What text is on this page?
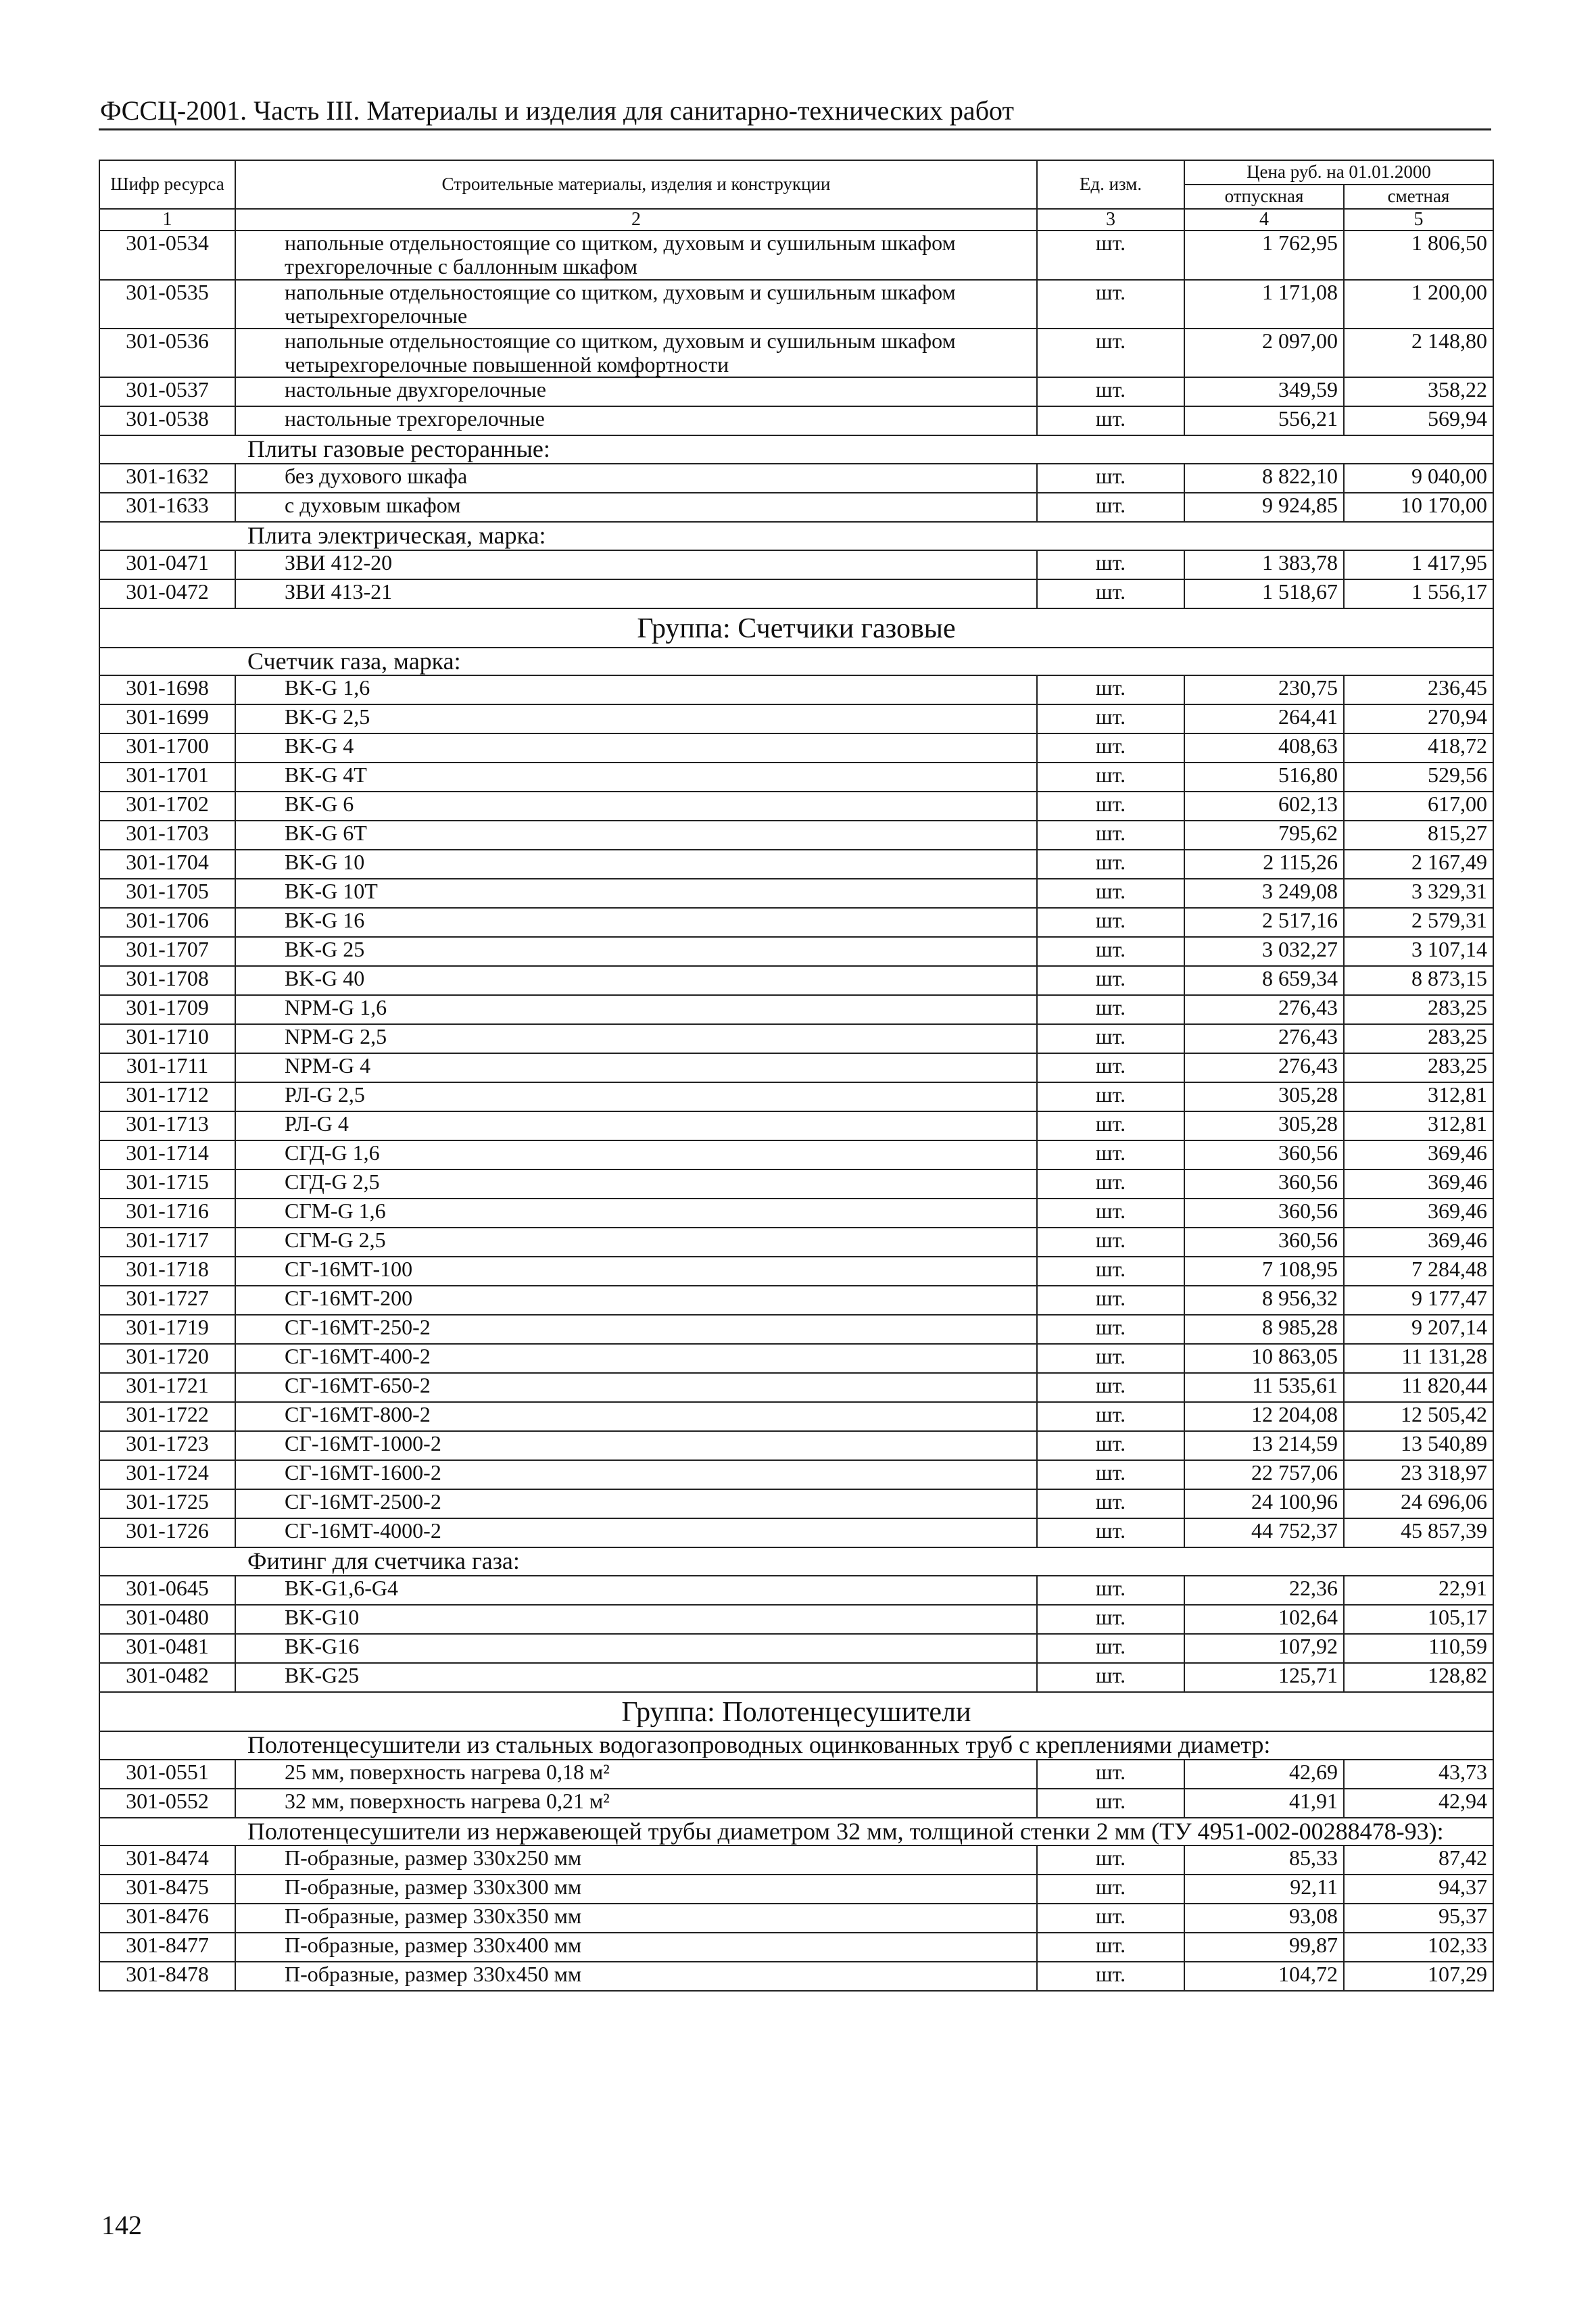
ФССЦ-2001. Часть III. Материалы и изделия для санитарно-технических работ
Шифр ресурса	Строительные материалы, изделия и конструкции	Ед. изм.	Цена руб. на 01.01.2000	
			отпускная	сметная
1	2	3	4	5
301-0534	напольные отдельностоящие со щитком, духовым и сушильным шкафом трехгорелочные с баллонным шкафом	шт.	1 762,95	1 806,50
301-0535	напольные отдельностоящие со щитком, духовым и сушильным шкафом четырехгорелочные	шт.	1 171,08	1 200,00
301-0536	напольные отдельностоящие со щитком, духовым и сушильным шкафом четырехгорелочные повышенной комфортности	шт.	2 097,00	2 148,80
301-0537	настольные двухгорелочные	шт.	349,59	358,22
301-0538	настольные трехгорелочные	шт.	556,21	569,94
Плиты газовые ресторанные:				
301-1632	без духового шкафа	шт.	8 822,10	9 040,00
301-1633	с духовым шкафом	шт.	9 924,85	10 170,00
Плита электрическая, марка:				
301-0471	ЗВИ 412-20	шт.	1 383,78	1 417,95
301-0472	ЗВИ 413-21	шт.	1 518,67	1 556,17
Группа: Счетчики газовые				
Счетчик газа, марка:				
301-1698	BK-G 1,6	шт.	230,75	236,45
301-1699	BK-G 2,5	шт.	264,41	270,94
301-1700	BK-G 4	шт.	408,63	418,72
301-1701	BK-G 4T	шт.	516,80	529,56
301-1702	BK-G 6	шт.	602,13	617,00
301-1703	BK-G 6T	шт.	795,62	815,27
301-1704	BK-G 10	шт.	2 115,26	2 167,49
301-1705	BK-G 10T	шт.	3 249,08	3 329,31
301-1706	BK-G 16	шт.	2 517,16	2 579,31
301-1707	BK-G 25	шт.	3 032,27	3 107,14
301-1708	BK-G 40	шт.	8 659,34	8 873,15
301-1709	NPM-G 1,6	шт.	276,43	283,25
301-1710	NPM-G 2,5	шт.	276,43	283,25
301-1711	NPM-G 4	шт.	276,43	283,25
301-1712	РЛ-G 2,5	шт.	305,28	312,81
301-1713	РЛ-G 4	шт.	305,28	312,81
301-1714	СГД-G 1,6	шт.	360,56	369,46
301-1715	СГД-G 2,5	шт.	360,56	369,46
301-1716	СГМ-G 1,6	шт.	360,56	369,46
301-1717	СГМ-G 2,5	шт.	360,56	369,46
301-1718	СГ-16МТ-100	шт.	7 108,95	7 284,48
301-1727	СГ-16МТ-200	шт.	8 956,32	9 177,47
301-1719	СГ-16МТ-250-2	шт.	8 985,28	9 207,14
301-1720	СГ-16МТ-400-2	шт.	10 863,05	11 131,28
301-1721	СГ-16МТ-650-2	шт.	11 535,61	11 820,44
301-1722	СГ-16МТ-800-2	шт.	12 204,08	12 505,42
301-1723	СГ-16МТ-1000-2	шт.	13 214,59	13 540,89
301-1724	СГ-16МТ-1600-2	шт.	22 757,06	23 318,97
301-1725	СГ-16МТ-2500-2	шт.	24 100,96	24 696,06
301-1726	СГ-16МТ-4000-2	шт.	44 752,37	45 857,39
Фитинг для счетчика газа:				
301-0645	BK-G1,6-G4	шт.	22,36	22,91
301-0480	BK-G10	шт.	102,64	105,17
301-0481	BK-G16	шт.	107,92	110,59
301-0482	BK-G25	шт.	125,71	128,82
Группа: Полотенцесушители				
Полотенцесушители из стальных водогазопроводных оцинкованных труб с креплениями диаметр:				
301-0551	25 мм, поверхность нагрева 0,18 м²	шт.	42,69	43,73
301-0552	32 мм, поверхность нагрева 0,21 м²	шт.	41,91	42,94
Полотенцесушители из нержавеющей трубы диаметром 32 мм, толщиной стенки 2 мм (ТУ 4951-002-00288478-93):				
301-8474	П-образные, размер 330х250 мм	шт.	85,33	87,42
301-8475	П-образные, размер 330х300 мм	шт.	92,11	94,37
301-8476	П-образные, размер 330х350 мм	шт.	93,08	95,37
301-8477	П-образные, размер 330х400 мм	шт.	99,87	102,33
301-8478	П-образные, размер 330х450 мм	шт.	104,72	107,29
142
